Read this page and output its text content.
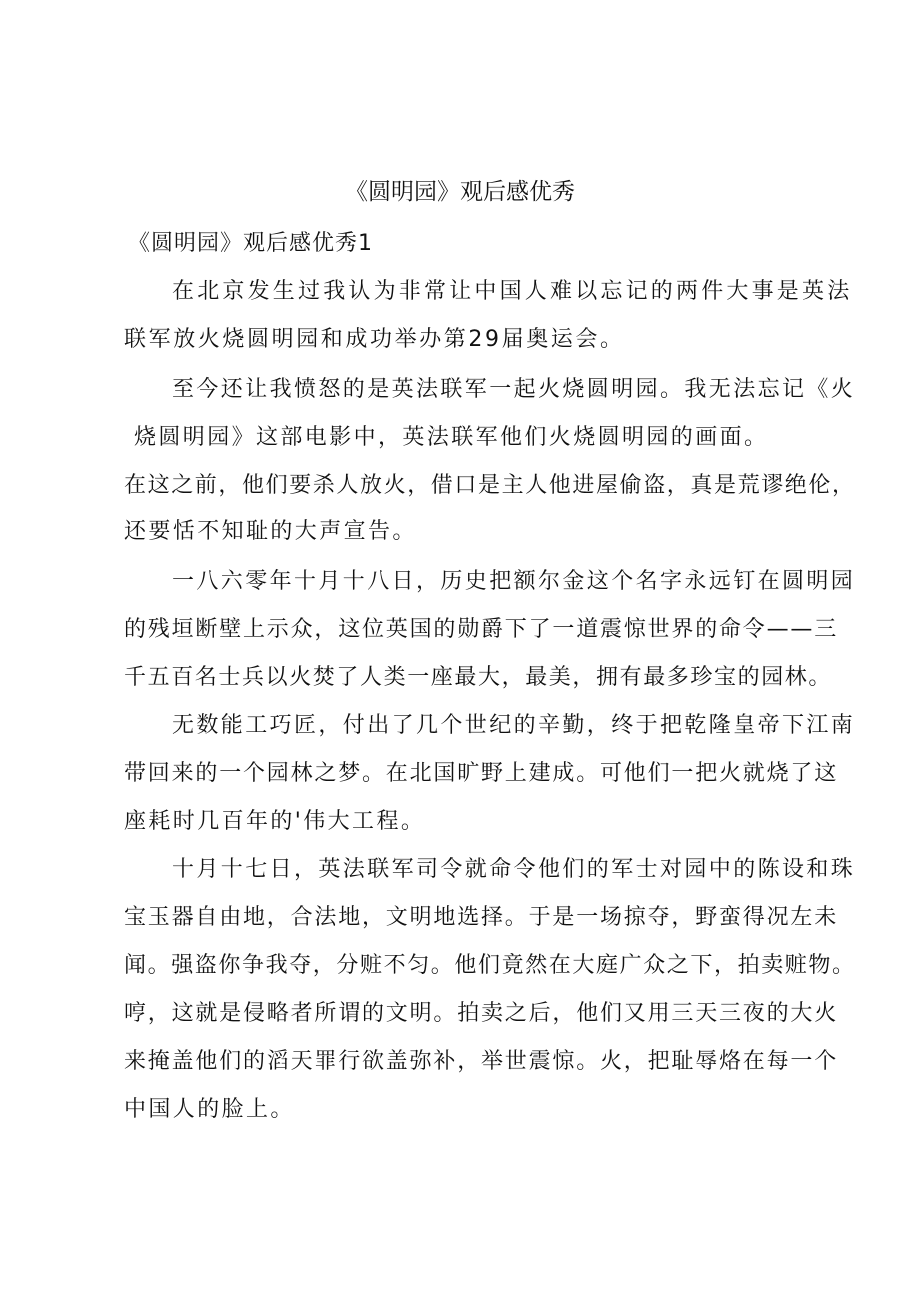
《圆明园》观后感优秀
《圆明园》观后感优秀1
在北京发生过我认为非常让中国人难以忘记的两件大事是英法
联军放火烧圆明园和成功举办第29届奥运会。
至今还让我愤怒的是英法联军一起火烧圆明园。我无法忘记《火
烧圆明园》这部电影中，英法联军他们火烧圆明园的画面。
在这之前，他们要杀人放火，借口是主人他进屋偷盗，真是荒谬绝伦，
还要恬不知耻的大声宣告。
一八六零年十月十八日，历史把额尔金这个名字永远钉在圆明园
的残垣断壁上示众，这位英国的勋爵下了一道震惊世界的命令——三
千五百名士兵以火焚了人类一座最大，最美，拥有最多珍宝的园林。
无数能工巧匠，付出了几个世纪的辛勤，终于把乾隆皇帝下江南
带回来的一个园林之梦。在北国旷野上建成。可他们一把火就烧了这
座耗时几百年的'伟大工程。
十月十七日，英法联军司令就命令他们的军士对园中的陈设和珠
宝玉器自由地，合法地，文明地选择。于是一场掠夺，野蛮得况左未
闻。强盗你争我夺，分赃不匀。他们竟然在大庭广众之下，拍卖赃物。
哼，这就是侵略者所谓的文明。拍卖之后，他们又用三天三夜的大火
来掩盖他们的滔天罪行欲盖弥补，举世震惊。火，把耻辱烙在每一个
中国人的脸上。
